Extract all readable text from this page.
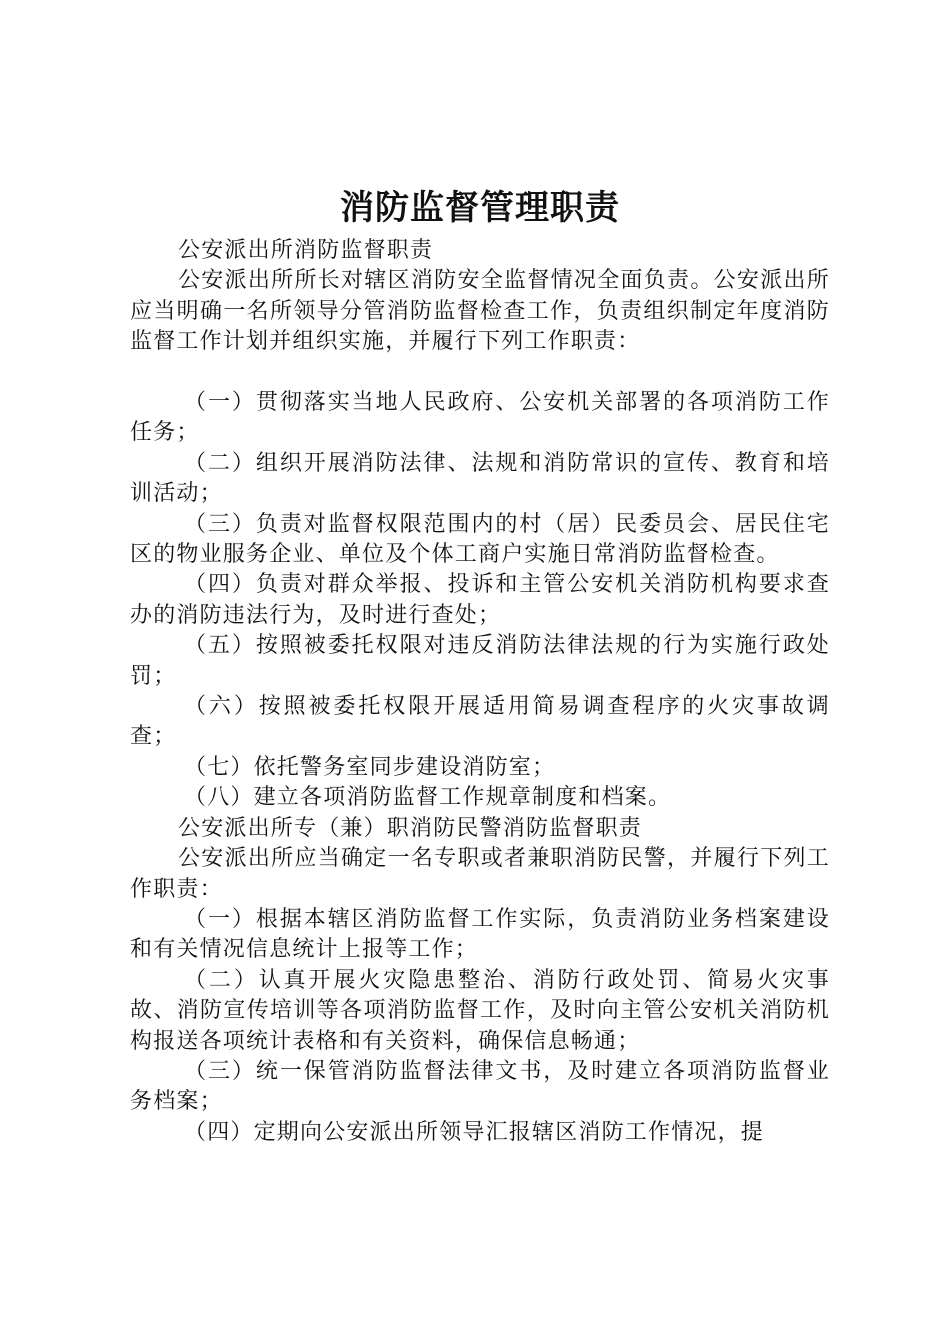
消防监督管理职责

公安派出所消防监督职责

公安派出所所长对辖区消防安全监督情况全面负责。公安派出所应当明确一名所领导分管消防监督检查工作，负责组织制定年度消防监督工作计划并组织实施，并履行下列工作职责：

（一）贯彻落实当地人民政府、公安机关部署的各项消防工作任务；

（二）组织开展消防法律、法规和消防常识的宣传、教育和培训活动；

（三）负责对监督权限范围内的村（居）民委员会、居民住宅区的物业服务企业、单位及个体工商户实施日常消防监督检查。

（四）负责对群众举报、投诉和主管公安机关消防机构要求查办的消防违法行为，及时进行查处；

（五）按照被委托权限对违反消防法律法规的行为实施行政处罚；

（六）按照被委托权限开展适用简易调查程序的火灾事故调查；

（七）依托警务室同步建设消防室；

（八）建立各项消防监督工作规章制度和档案。

公安派出所专（兼）职消防民警消防监督职责

公安派出所应当确定一名专职或者兼职消防民警，并履行下列工作职责：

（一）根据本辖区消防监督工作实际，负责消防业务档案建设和有关情况信息统计上报等工作；

（二）认真开展火灾隐患整治、消防行政处罚、简易火灾事故、消防宣传培训等各项消防监督工作，及时向主管公安机关消防机构报送各项统计表格和有关资料，确保信息畅通；

（三）统一保管消防监督法律文书，及时建立各项消防监督业务档案；

（四）定期向公安派出所领导汇报辖区消防工作情况，提
